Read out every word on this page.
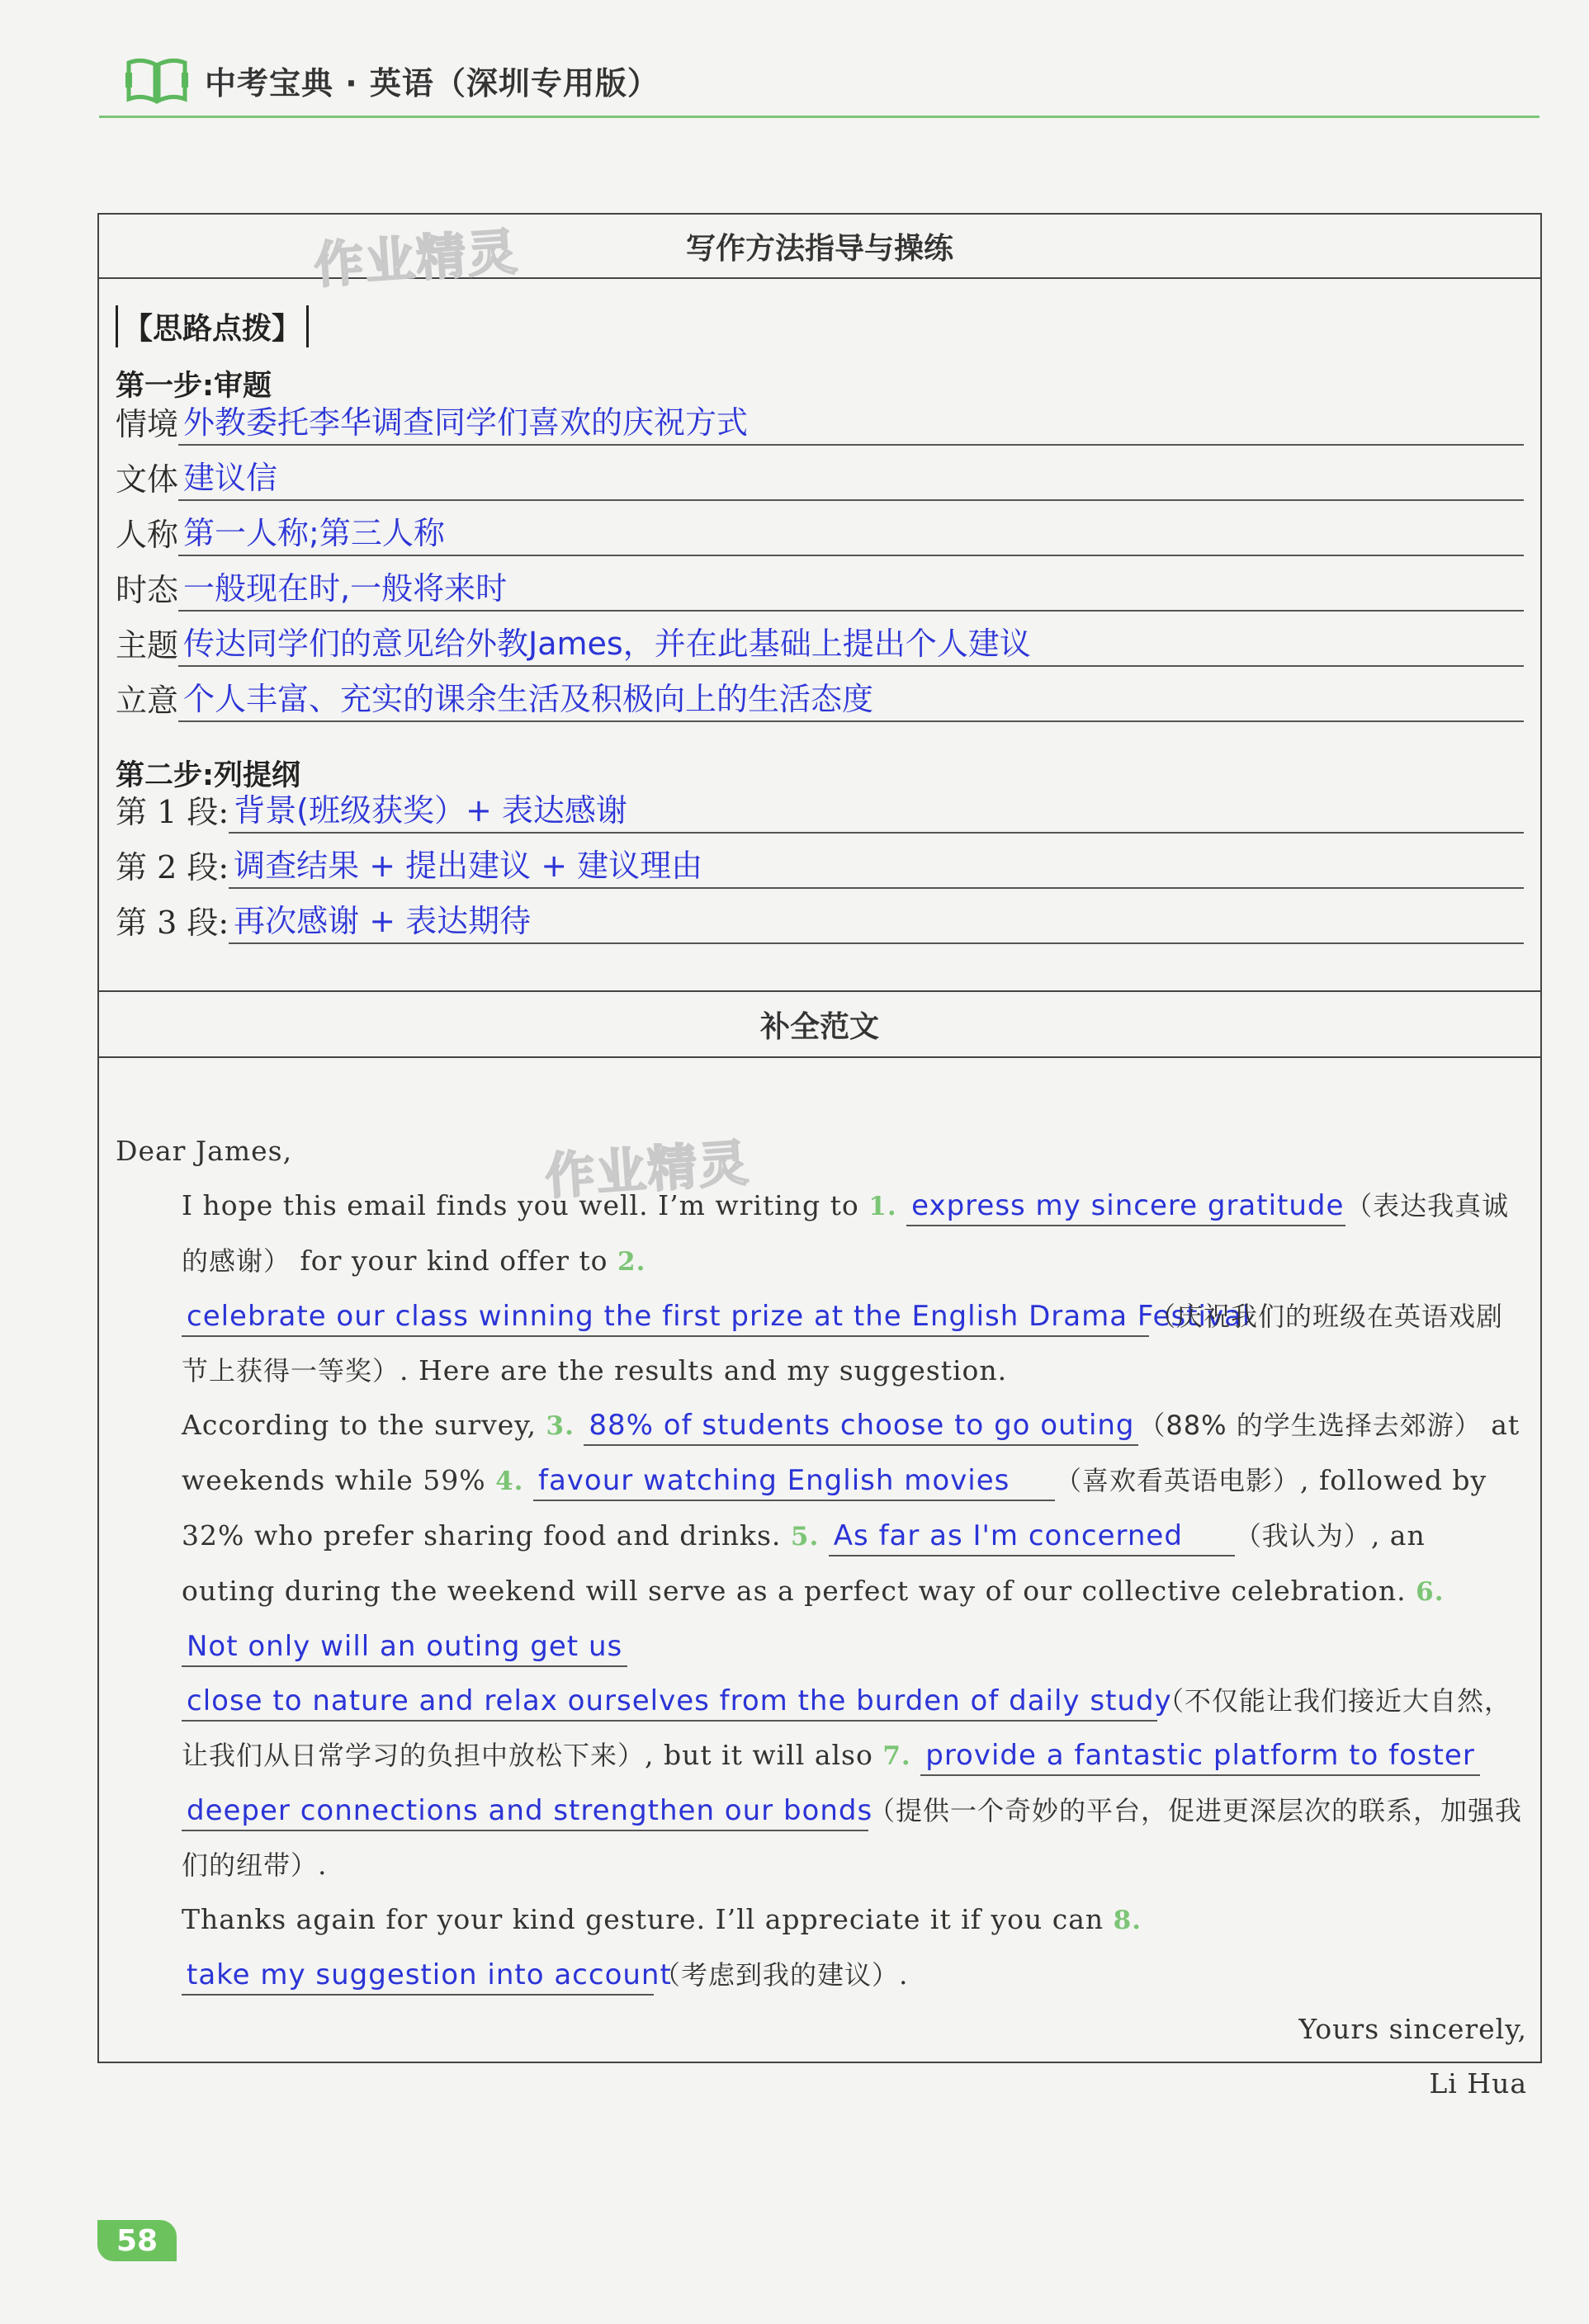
中考宝典 · 英语（深圳专用版）
写作方法指导与操练
作业精灵
【思路点拨】
第一步:审题
情境 外教委托李华调查同学们喜欢的庆祝方式
文体 建议信
人称 第一人称;第三人称
时态 一般现在时,一般将来时
主题 传达同学们的意见给外教James，并在此基础上提出个人建议
立意 个人丰富、充实的课余生活及积极向上的生活态度
第二步:列提纲
第 1 段: 背景(班级获奖）+ 表达感谢
第 2 段: 调查结果 + 提出建议 + 建议理由
第 3 段: 再次感谢 + 表达期待
补全范文
作业精灵

Dear James,

I hope this email finds you well. I’m writing to 1. express my sincere gratitude（表达我真诚的感谢） for your kind offer to 2. celebrate our class winning the first prize at the English Drama Festival（庆祝我们的班级在英语戏剧节上获得一等奖）. Here are the results and my suggestion.

According to the survey, 3. 88% of students choose to go outing （88% 的学生选择去郊游） at weekends while 59% 4. favour watching English movies （喜欢看英语电影）, followed by 32% who prefer sharing food and drinks. 5. As far as I'm concerned （我认为）, an outing during the weekend will serve as a perfect way of our collective celebration. 6. Not only will an outing get us close to nature and relax ourselves from the burden of daily study（不仅能让我们接近大自然，让我们从日常学习的负担中放松下来）, but it will also 7. provide a fantastic platform to foster deeper connections and strengthen our bonds（提供一个奇妙的平台，促进更深层次的联系，加强我们的纽带）.

Thanks again for your kind gesture. I’ll appreciate it if you can 8. take my suggestion into account（考虑到我的建议）.

Yours sincerely,

Li Hua

58
